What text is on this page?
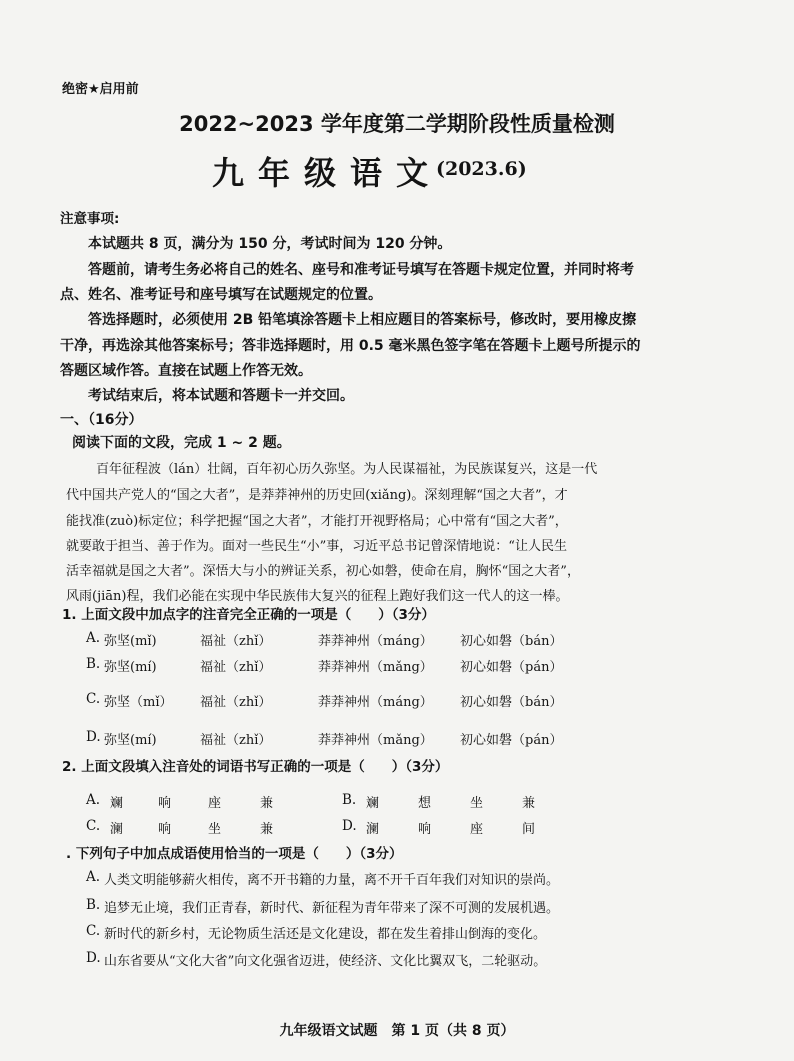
绝密★启用前
2022~2023 学年度第二学期阶段性质量检测
九年级语文
(2023.6)
注意事项:
本试题共 8 页，满分为 150 分，考试时间为 120 分钟。
答题前，请考生务必将自己的姓名、座号和准考证号填写在答题卡规定位置，并同时将考
点、姓名、准考证号和座号填写在试题规定的位置。
答选择题时，必须使用 2B 铅笔填涂答题卡上相应题目的答案标号，修改时，要用橡皮擦
干净，再选涂其他答案标号；答非选择题时，用 0.5 毫米黑色签字笔在答题卡上题号所提示的
答题区域作答。直接在试题上作答无效。
考试结束后，将本试题和答题卡一并交回。
一、（16分）
阅读下面的文段，完成 1 ~ 2 题。
百年征程波（lán）壮阔，百年初心历久弥坚。为人民谋福祉，为民族谋复兴，这是一代
代中国共产党人的“国之大者”，是莽莽神州的历史回(xiǎng)。深刻理解“国之大者”，才
能找准(zuò)标定位；科学把握“国之大者”，才能打开视野格局；心中常有“国之大者”，
就要敢于担当、善于作为。面对一些民生“小”事，习近平总书记曾深情地说：“让人民生
活幸福就是国之大者”。深悟大与小的辨证关系，初心如磐，使命在肩，胸怀“国之大者”，
风雨(jiān)程，我们必能在实现中华民族伟大复兴的征程上跑好我们这一代人的这一棒。
1. 上面文段中加点字的注音完全正确的一项是（　　）（3分）
A. 弥坚(mǐ)	福祉（zhǐ）	莽莽神州（máng） 初心如磐（bán）
B. 弥坚(mí)	福祉（zhǐ）	莽莽神州（mǎng） 初心如磐（pán）
C. 弥坚（mǐ） 福祉（zhǐ）	莽莽神州（máng） 初心如磐（bán）
D. 弥坚(mí)	福祉（zhǐ）	莽莽神州（mǎng） 初心如磐（pán）
2. 上面文段填入注音处的词语书写正确的一项是（　　）（3分）
A. 斓	响	座	兼	B. 斓	想	坐	兼
C. 澜	响	坐	兼	D. 澜	响	座	间
. 下列句子中加点成语使用恰当的一项是（　　）（3分）
A. 人类文明能够薪火相传，离不开书籍的力量，离不开千百年我们对知识的崇尚。
B. 追梦无止境，我们正青春，新时代、新征程为青年带来了深不可测的发展机遇。
C. 新时代的新乡村，无论物质生活还是文化建设，都在发生着排山倒海的变化。
D. 山东省要从“文化大省”向文化强省迈进，使经济、文化比翼双飞，二轮驱动。
九年级语文试题　第 1 页（共 8 页）
